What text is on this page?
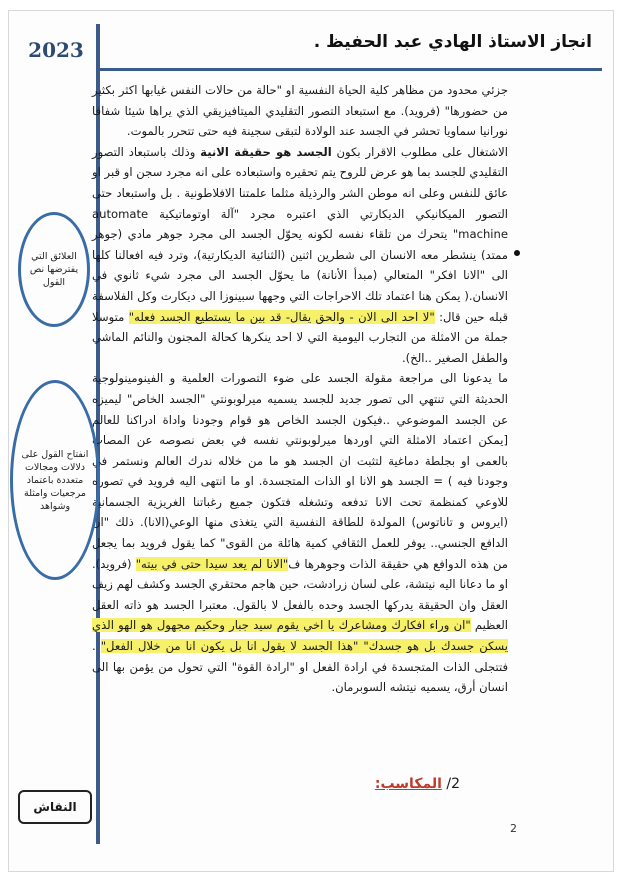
2023	انجاز الاستاذ الهادي عبد الحفيظ .

جزئي محدود من مظاهر كلية الحياة النفسية او "حالة من حالات النفس غيابها اكثر بكثير من حضورها" (فرويد). مع استبعاد التصور التقليدي الميتافيزيقي الذي يراها شيئا شفافا نورانيا سماويا تحشر في الجسد عند الولادة لتبقى سجينة فيه حتى تتحرر بالموت.

الاشتغال على مطلوب الاقرار بكون الجسد هو حقيقة الانية وذلك باستبعاد التصور التقليدي للجسد بما هو عرض للروح يتم تحقيره واستبعاده على انه مجرد سجن او قبر او عائق للنفس وعلى انه موطن الشر والرذيلة مثلما علمتنا الافلاطونية . بل واستبعاد حتى التصور الميكانيكي الديكارتي الذي اعتبره مجرد "آلة اوتوماتيكية automate machine" يتحرك من تلقاء نفسه لكونه يحوّل الجسد الى مجرد جوهر مادي (جوهر ممتد) ينشطر معه الانسان الى شطرين اثنين (الثنائية الديكارتية)، وترد فيه افعالنا كلها الى "الانا افكر" المتعالي (مبدأ الأنانة) ما يحوّل الجسد الى مجرد شيء ثانوي في الانسان.( يمكن هنا اعتماد تلك الاحراجات التي وجهها سبينوزا الى ديكارت وكل الفلاسفة قبله حين قال: "لا احد الى الان - والحق يقال- قد بين ما يستطيع الجسد فعله" متوسلا جملة من الامثلة من التجارب اليومية التي لا احد ينكرها كحالة المجنون والنائم الماشي والطفل الصغير ..الخ).

ما يدعونا الى مراجعة مقولة الجسد على ضوء التصورات العلمية و الفينومينولوجية الحديثة التي تنتهي الى تصور جديد للجسد يسميه ميرلوبونتي "الجسد الخاص" ليميزه عن الجسد الموضوعي ..فيكون الجسد الخاص هو قوام وجودنا واداة ادراكنا للعالم [يمكن اعتماد الامثلة التي اوردها ميرلوبونتي نفسه في بعض نصوصه عن المصاب بالعمى او بجلطة دماغية لتثبت ان الجسد هو ما من خلاله ندرك العالم ونستمر في وجودنا فيه ) = الجسد هو الانا او الذات المتجسدة. او ما انتهى اليه فرويد في تصوره للاوعي كمنظمة تحت الانا تدفعه وتشغله فتكون جميع رغباتنا الغريزية الجسمانية (ايروس و تاناتوس) المولدة للطاقة النفسية التي يتغذى منها الوعي(الانا). ذلك "ان الدافع الجنسي.. يوفر للعمل الثقافي كمية هائلة من القوى" كما يقول فرويد بما يجعل من هذه الدوافع هي حقيقة الذات وجوهرها ف"الانا لم يعد سيدا حتى في بيته" (فرويد). او ما دعانا اليه نيتشة، على لسان زرادشت، حين هاجم محتقري الجسد وكشف لهم زيف العقل وان الحقيقة يدركها الجسد وحده بالفعل لا بالقول. معتبرا الجسد هو ذاته العقل العظيم "ان وراء افكارك ومشاعرك يا اخي يقوم سيد جبار وحكيم مجهول هو الهو الذي يسكن جسدك بل هو جسدك" "هذا الجسد لا يقول انا بل يكون انا من خلال الفعل" . فتتجلى الذات المتجسدة في ارادة الفعل او "ارادة القوة" التي تحول من يؤمن بها الى انسان أرق، يسميه نيتشه السوبرمان.

العلائق التي يفترضها نص القول
انفتاح القول على دلالات ومجالات متعددة باعتماد مرجعيات وامثلة وشواهد
النقاش
2/ المكاسب:
2
